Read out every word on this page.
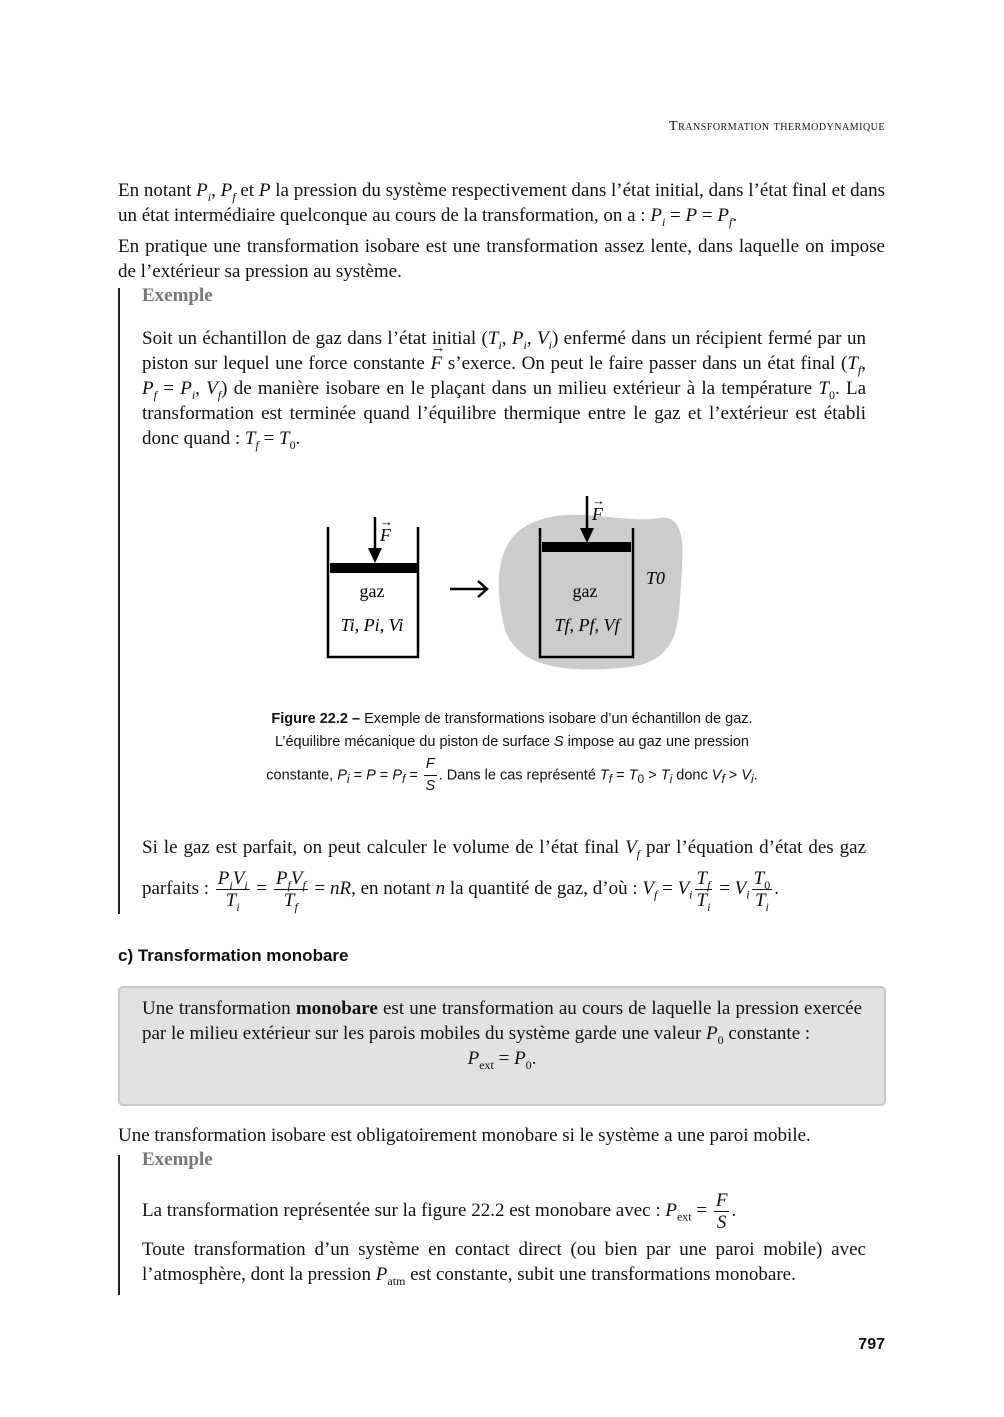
Transformation thermodynamique
En notant $P_i$, $P_f$ et P la pression du système respectivement dans l’état initial, dans l’état final et dans un état intermédiaire quelconque au cours de la transformation, on a : $P_i = P = P_f$.
En pratique une transformation isobare est une transformation assez lente, dans laquelle on impose de l’extérieur sa pression au système.
Exemple
Soit un échantillon de gaz dans l’état initial ($T_i$, $P_i$, $V_i$) enfermé dans un récipient fermé par un piston sur lequel une force constante → F s’exerce. On peut le faire passer dans un état final ($T_f$, $P_f = P_i$, $V_f$) de manière isobare en le plaçant dans un milieu extérieur à la température $T_0$. La transformation est terminée quand l’équilibre thermique entre le gaz et l’extérieur est établi donc quand : $T_f = T_0$.
F
→	F
→
gaz	gaz
Ti, Pi, Vi	Tf, Pf, Vf
T0
Figure 22.2 – Exemple de transformations isobare d’un échantillon de gaz.
L’équilibre mécanique du piston de surface S impose au gaz une pression
constante, $P_i = P = P_f = \frac{F}{S}$ . Dans le cas représenté $T_f = T_0 > T_i$ donc $V_f > V_i$.
Si le gaz est parfait, on peut calculer le volume de l’état final $V_f$ par l’équation d’état des gaz parfaits : $P_iV_i$
$T_i$
= $P_fV_f$
$T_f$
= nR, en notant n la quantité de gaz, d’où : $V_f = V_i \frac{T_f}{T_i} = V_i \frac{T_0}{T_i}$ .
c) Transformation monobare
Une transformation monobare est une transformation au cours de laquelle la pression exercée par le milieu extérieur sur les parois mobiles du système garde une valeur $P_0$ constante :
$P_{ext} = P_0$.
Une transformation isobare est obligatoirement monobare si le système a une paroi mobile.
Exemple
La transformation représentée sur la figure 22.2 est monobare avec : $P_{ext} = \frac{F}{S}$ .
Toute transformation d’un système en contact direct (ou bien par une paroi mobile) avec l’atmosphère, dont la pression $P_{atm}$ est constante, subit une transformations monobare.
797
